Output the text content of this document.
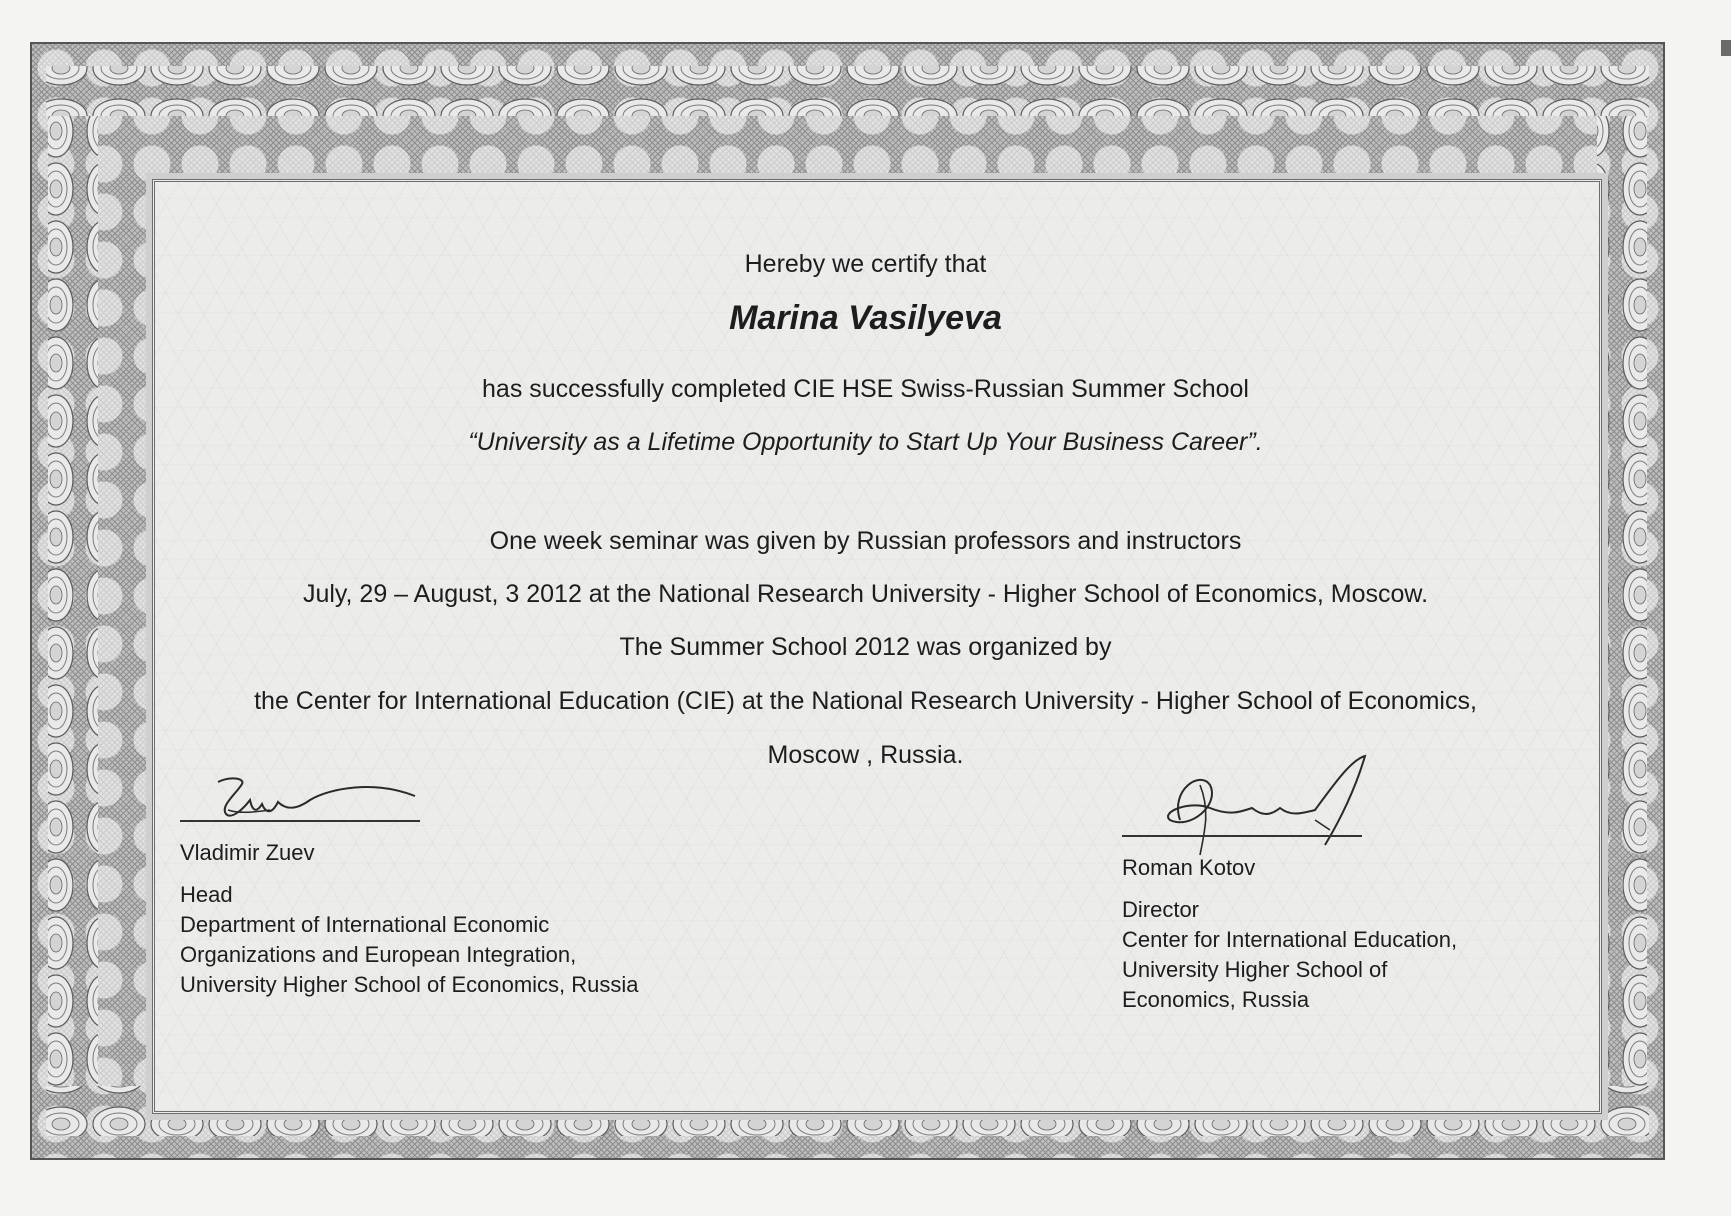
Hereby we certify that
Marina Vasilyeva
has successfully completed CIE HSE Swiss-Russian Summer School
“University as a Lifetime Opportunity to Start Up Your Business Career”.
One week seminar was given by Russian professors and instructors
July, 29 – August, 3 2012 at the National Research University - Higher School of Economics, Moscow.
The Summer School 2012 was organized by
the Center for International Education (CIE) at the National Research University - Higher School of Economics,
Moscow , Russia.
Vladimir Zuev
Head
Department of International Economic
Organizations and European Integration,
University Higher School of Economics, Russia
Roman Kotov
Director
Center for International Education,
University Higher School of
Economics, Russia
